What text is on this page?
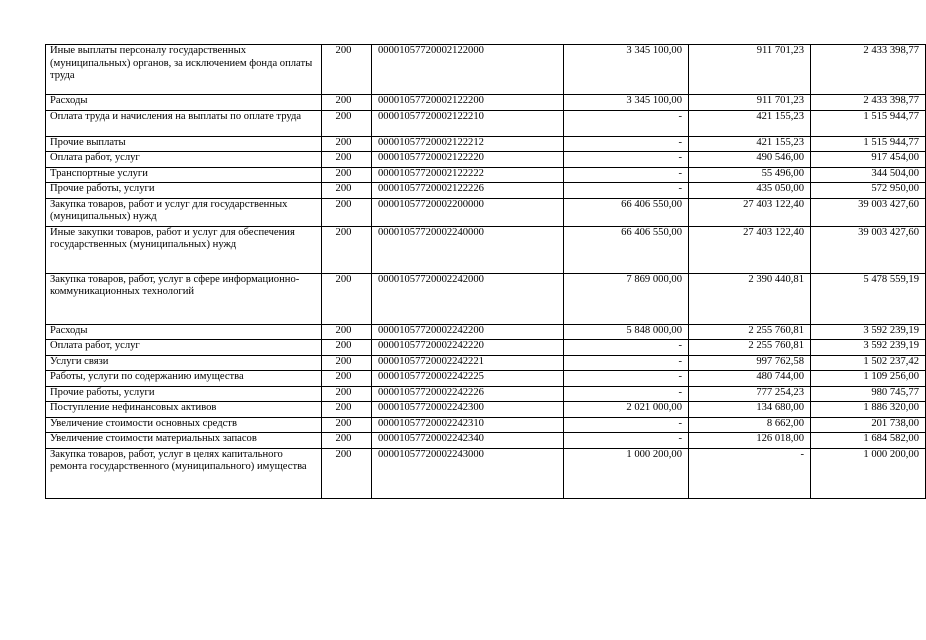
Иные выплаты персоналу государственных (муниципальных) органов, за исключением фонда оплаты труда	200	00001057720002122000	3 345 100,00	911 701,23	2 433 398,77
Расходы	200	00001057720002122200	3 345 100,00	911 701,23	2 433 398,77
Оплата труда и начисления на выплаты по оплате труда	200	00001057720002122210	-	421 155,23	1 515 944,77
Прочие выплаты	200	00001057720002122212	-	421 155,23	1 515 944,77
Оплата работ, услуг	200	00001057720002122220	-	490 546,00	917 454,00
Транспортные услуги	200	00001057720002122222	-	55 496,00	344 504,00
Прочие работы, услуги	200	00001057720002122226	-	435 050,00	572 950,00
Закупка товаров, работ и услуг для государственных (муниципальных) нужд	200	00001057720002200000	66 406 550,00	27 403 122,40	39 003 427,60
Иные закупки товаров, работ и услуг для обеспечения государственных (муниципальных) нужд	200	00001057720002240000	66 406 550,00	27 403 122,40	39 003 427,60
Закупка товаров, работ, услуг в сфере информационно-коммуникационных технологий	200	00001057720002242000	7 869 000,00	2 390 440,81	5 478 559,19
Расходы	200	00001057720002242200	5 848 000,00	2 255 760,81	3 592 239,19
Оплата работ, услуг	200	00001057720002242220	-	2 255 760,81	3 592 239,19
Услуги связи	200	00001057720002242221	-	997 762,58	1 502 237,42
Работы, услуги по содержанию имущества	200	00001057720002242225	-	480 744,00	1 109 256,00
Прочие работы, услуги	200	00001057720002242226	-	777 254,23	980 745,77
Поступление нефинансовых активов	200	00001057720002242300	2 021 000,00	134 680,00	1 886 320,00
Увеличение стоимости основных средств	200	00001057720002242310	-	8 662,00	201 738,00
Увеличение стоимости материальных запасов	200	00001057720002242340	-	126 018,00	1 684 582,00
Закупка товаров, работ, услуг в целях капитального ремонта государственного (муниципального) имущества	200	00001057720002243000	1 000 200,00	-	1 000 200,00
